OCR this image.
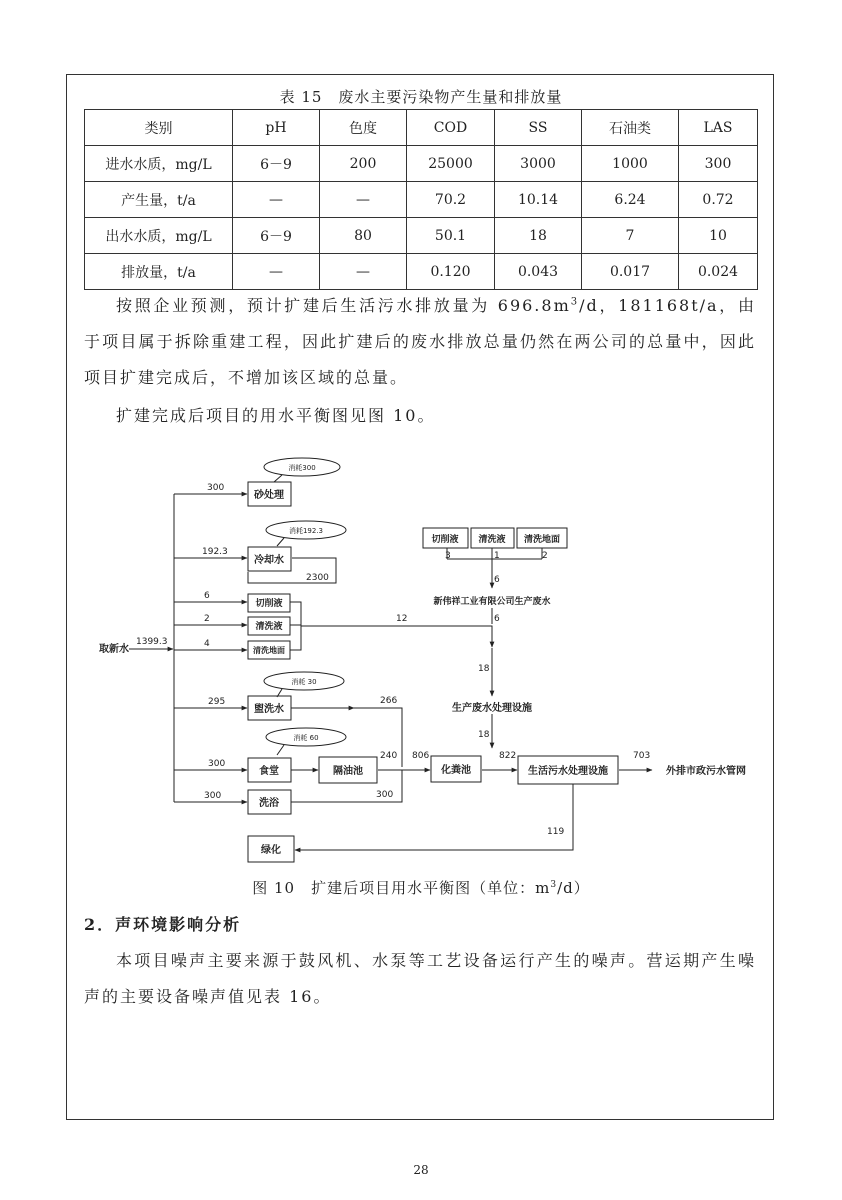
表 15　废水主要污染物产生量和排放量
类别	pH	色度	COD	SS	石油类	LAS
进水水质，mg/L	6－9	200	25000	3000	1000	300
产生量，t/a	—	—	70.2	10.14	6.24	0.72
出水水质，mg/L	6－9	80	50.1	18	7	10
排放量，t/a	—	—	0.120	0.043	0.017	0.024
按照企业预测，预计扩建后生活污水排放量为 $696.8m^3/d$，181168t/a，由于项目属于拆除重建工程，因此扩建后的废水排放总量仍然在两公司的总量中，因此项目扩建完成后，不增加该区域的总量。
扩建完成后项目的用水平衡图见图 10。
取新水
1399.3
300
192.3
2300
6
2
4
295
300
300
12
3	1	2
6
6
18
18
266
240
300
806	822	703
119
消耗300
消耗192.3
消耗 30
消耗 60
砂处理
冷却水
切削液
清洗液
清洗地面
盥洗水
食堂
洗浴
绿化
隔油池	化粪池	生活污水处理设施
生产废水处理设施
新伟祥工业有限公司生产废水
切削液 清洗液 清洗地面
外排市政污水管网
图 10　扩建后项目用水平衡图（单位：$m^3/d$）
2．声环境影响分析
本项目噪声主要来源于鼓风机、水泵等工艺设备运行产生的噪声。营运期产生噪声的主要设备噪声值见表 16。
28
